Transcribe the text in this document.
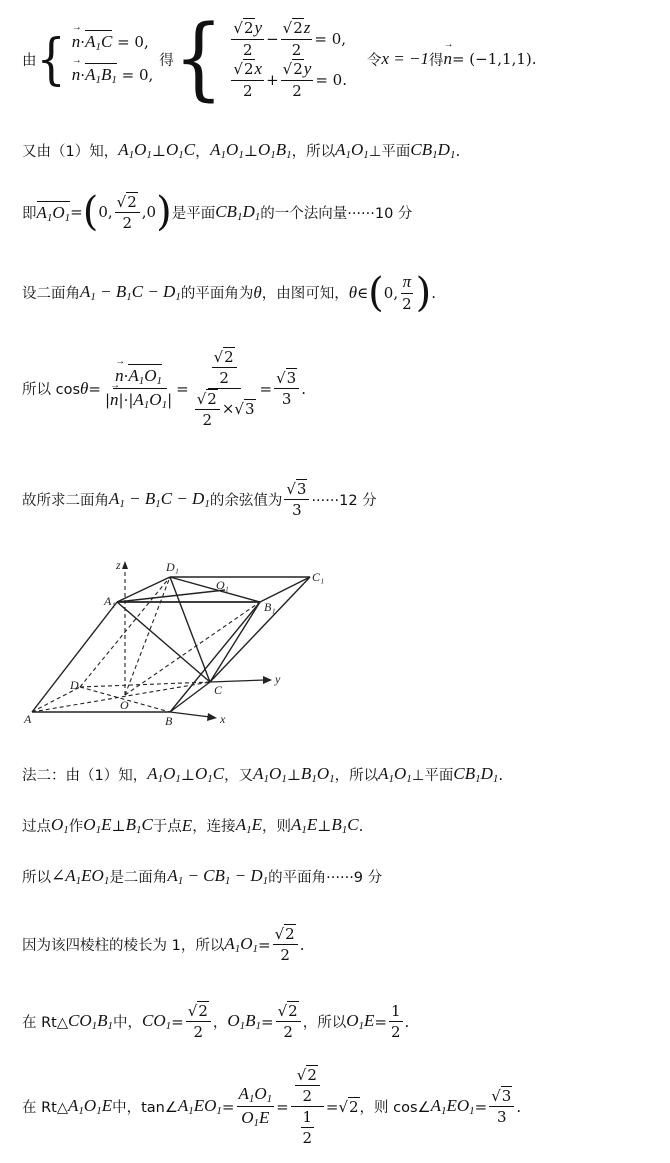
由 { n
→
$\cdot A_1C = 0$,
n
→
$\cdot A_1B_1 = 0$,
得 { $\frac{√2y}{2} - \frac{√2z}{2} = 0$,
$\frac{√2x}{2} + \frac{√2y}{2} = 0$.
令 x = −1 得 n
→
= (−1,1,1) .
又由（1）知， $A_1O_1$ ⊥ $O_1C$ ， $A_1O_1$ ⊥ $O_1B_1$ ，所以 $A_1O_1$ ⊥平面 $CB_1D_1$ .
即 $A_1O_1$ = ( 0, $\frac{√2}{2} ,0$ ) 是平面 $CB_1D_1$ 的一个法向量······10 分
设二面角 $A_1 - B_1C - D_1$ 的平面角为 θ ，由图可知， θ ∈ ( 0, $\frac{\pi}{2}$ ) .
所以 cos θ = n
→
$\cdot A_1O_1$
|n
→
$|\cdot|A_1O_1| = \frac{\frac{√2}{2}}{\frac{√2}{2} \times√3} = \frac{√3}{3}$ .
故所求二面角 $A_1 - B_1C - D_1$ 的余弦值为 $\frac{√3}{3} \cdot\cdot\cdot\cdot\cdot\cdot 12$ 分
z
y
x
A	B
C
D
O
A₁	B₁
C₁
D₁
O₁
法二：由（1）知， $A_1O_1$ ⊥ $O_1C$ ，又 $A_1O_1$ ⊥ $B_1O_1$ ，所以 $A_1O_1$ ⊥平面 $CB_1D_1$ .
过点 $O_1$ 作 $O_1E$ ⊥ $B_1C$ 于点 E ，连接 $A_1E$ ，则 $A_1E$ ⊥ $B_1C$ .
所以 $\angle A_1EO_1$ 是二面角 $A_1 - CB_1 - D_1$ 的平面角······9 分
因为该四棱柱的棱长为 1，所以 $A_1O_1 = \frac{√2}{2}$ .
在 Rt△ $CO_1B_1$ 中， $CO_1 = \frac{√2}{2}$ ， $O_1B_1 = \frac{√2}{2}$ ，所以 $O_1E = \frac{1}{2}$ .
在 Rt△ $A_1O_1E$ 中，tan∠ $A_1EO_1 = \frac{A_1O_1}{O_1E} = \frac{\frac{√2}{2}}{\frac{1}{2}} = √2$ ，则 cos∠ $A_1EO_1 = \frac{√3}{3}$ .
